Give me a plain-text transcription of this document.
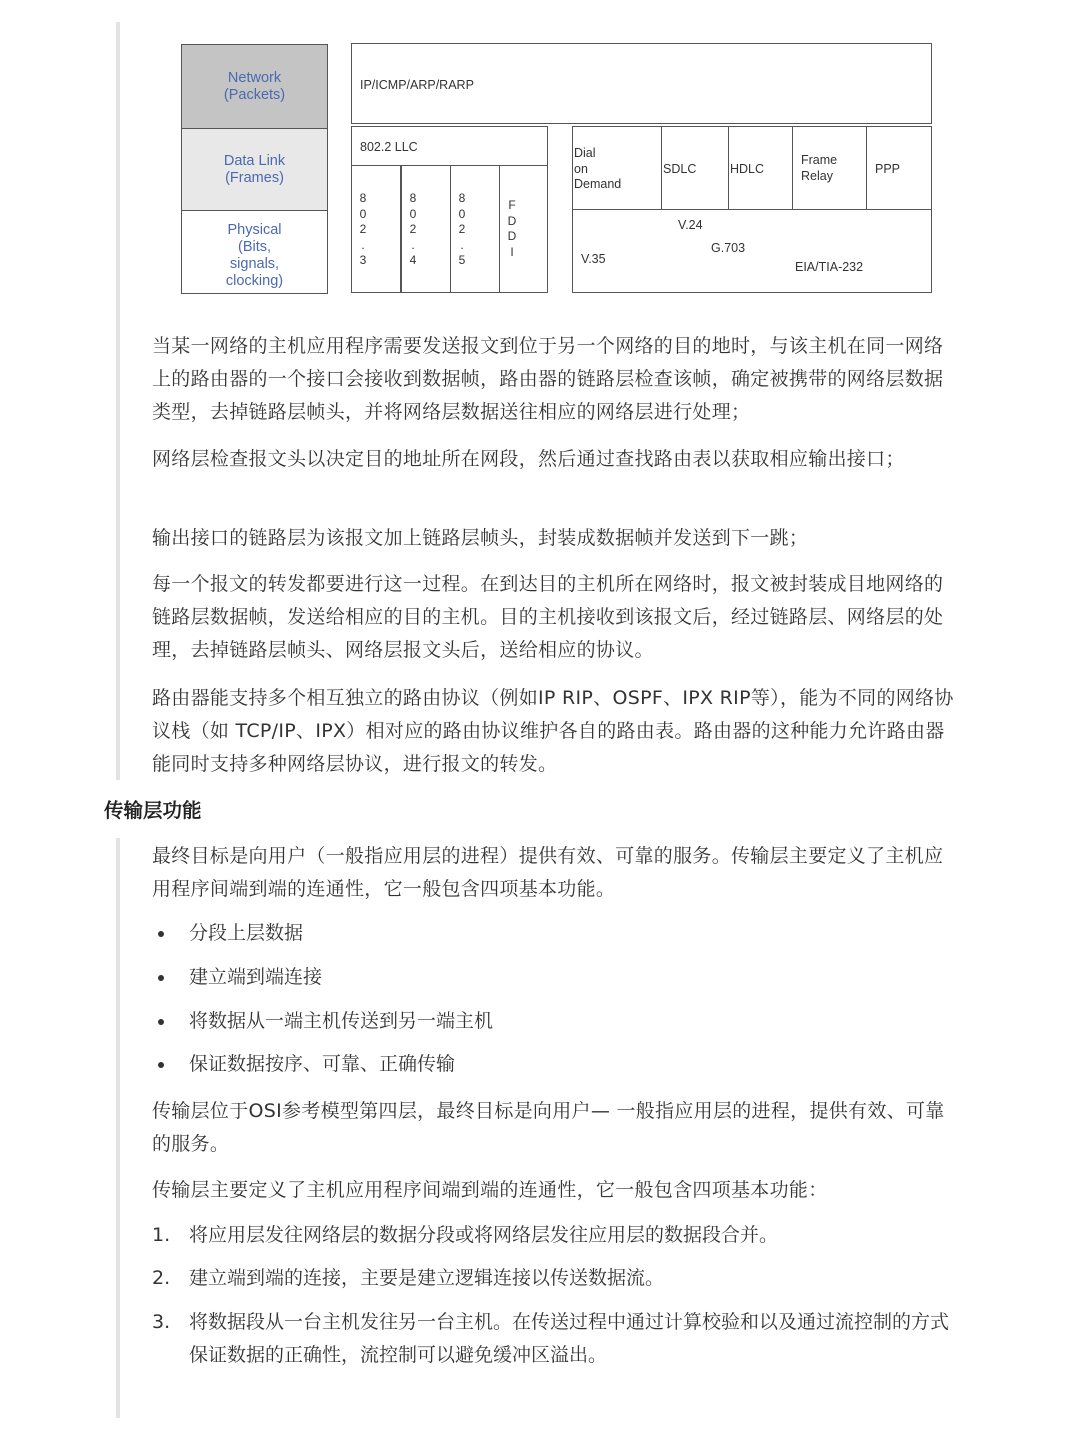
Network
(Packets)
Data Link
(Frames)
Physical
(Bits,
signals,
clocking)
IP/ICMP/ARP/RARP
802.2 LLC
8
0
2
.
3
8
0
2
.
4
8
0
2
.
5
F
D
D
I
Dial
on
Demand
SDLC	HDLC
Frame
Relay	PPP
V.24
G.703
V.35
EIA/TIA-232

当某一网络的主机应用程序需要发送报文到位于另一个网络的目的地时，与该主机在同一网络上的路由器的一个接口会接收到数据帧，路由器的链路层检查该帧，确定被携带的网络层数据类型，去掉链路层帧头，并将网络层数据送往相应的网络层进行处理；

网络层检查报文头以决定目的地址所在网段，然后通过查找路由表以获取相应输出接口；

输出接口的链路层为该报文加上链路层帧头，封装成数据帧并发送到下一跳；

每一个报文的转发都要进行这一过程。在到达目的主机所在网络时，报文被封装成目地网络的链路层数据帧，发送给相应的目的主机。目的主机接收到该报文后，经过链路层、网络层的处理，去掉链路层帧头、网络层报文头后，送给相应的协议。

路由器能支持多个相互独立的路由协议（例如IP RIP、OSPF、IPX RIP等），能为不同的网络协议栈（如 TCP/IP、IPX）相对应的路由协议维护各自的路由表。路由器的这种能力允许路由器能同时支持多种网络层协议，进行报文的转发。

传输层功能

最终目标是向用户（一般指应用层的进程）提供有效、可靠的服务。传输层主要定义了主机应用程序间端到端的连通性，它一般包含四项基本功能。

分段上层数据
建立端到端连接
将数据从一端主机传送到另一端主机
保证数据按序、可靠、正确传输

传输层位于OSI参考模型第四层，最终目标是向用户— 一般指应用层的进程，提供有效、可靠的服务。

传输层主要定义了主机应用程序间端到端的连通性，它一般包含四项基本功能：

1. 将应用层发往网络层的数据分段或将网络层发往应用层的数据段合并。
2. 建立端到端的连接，主要是建立逻辑连接以传送数据流。
3. 将数据段从一台主机发往另一台主机。在传送过程中通过计算校验和以及通过流控制的方式保证数据的正确性，流控制可以避免缓冲区溢出。
